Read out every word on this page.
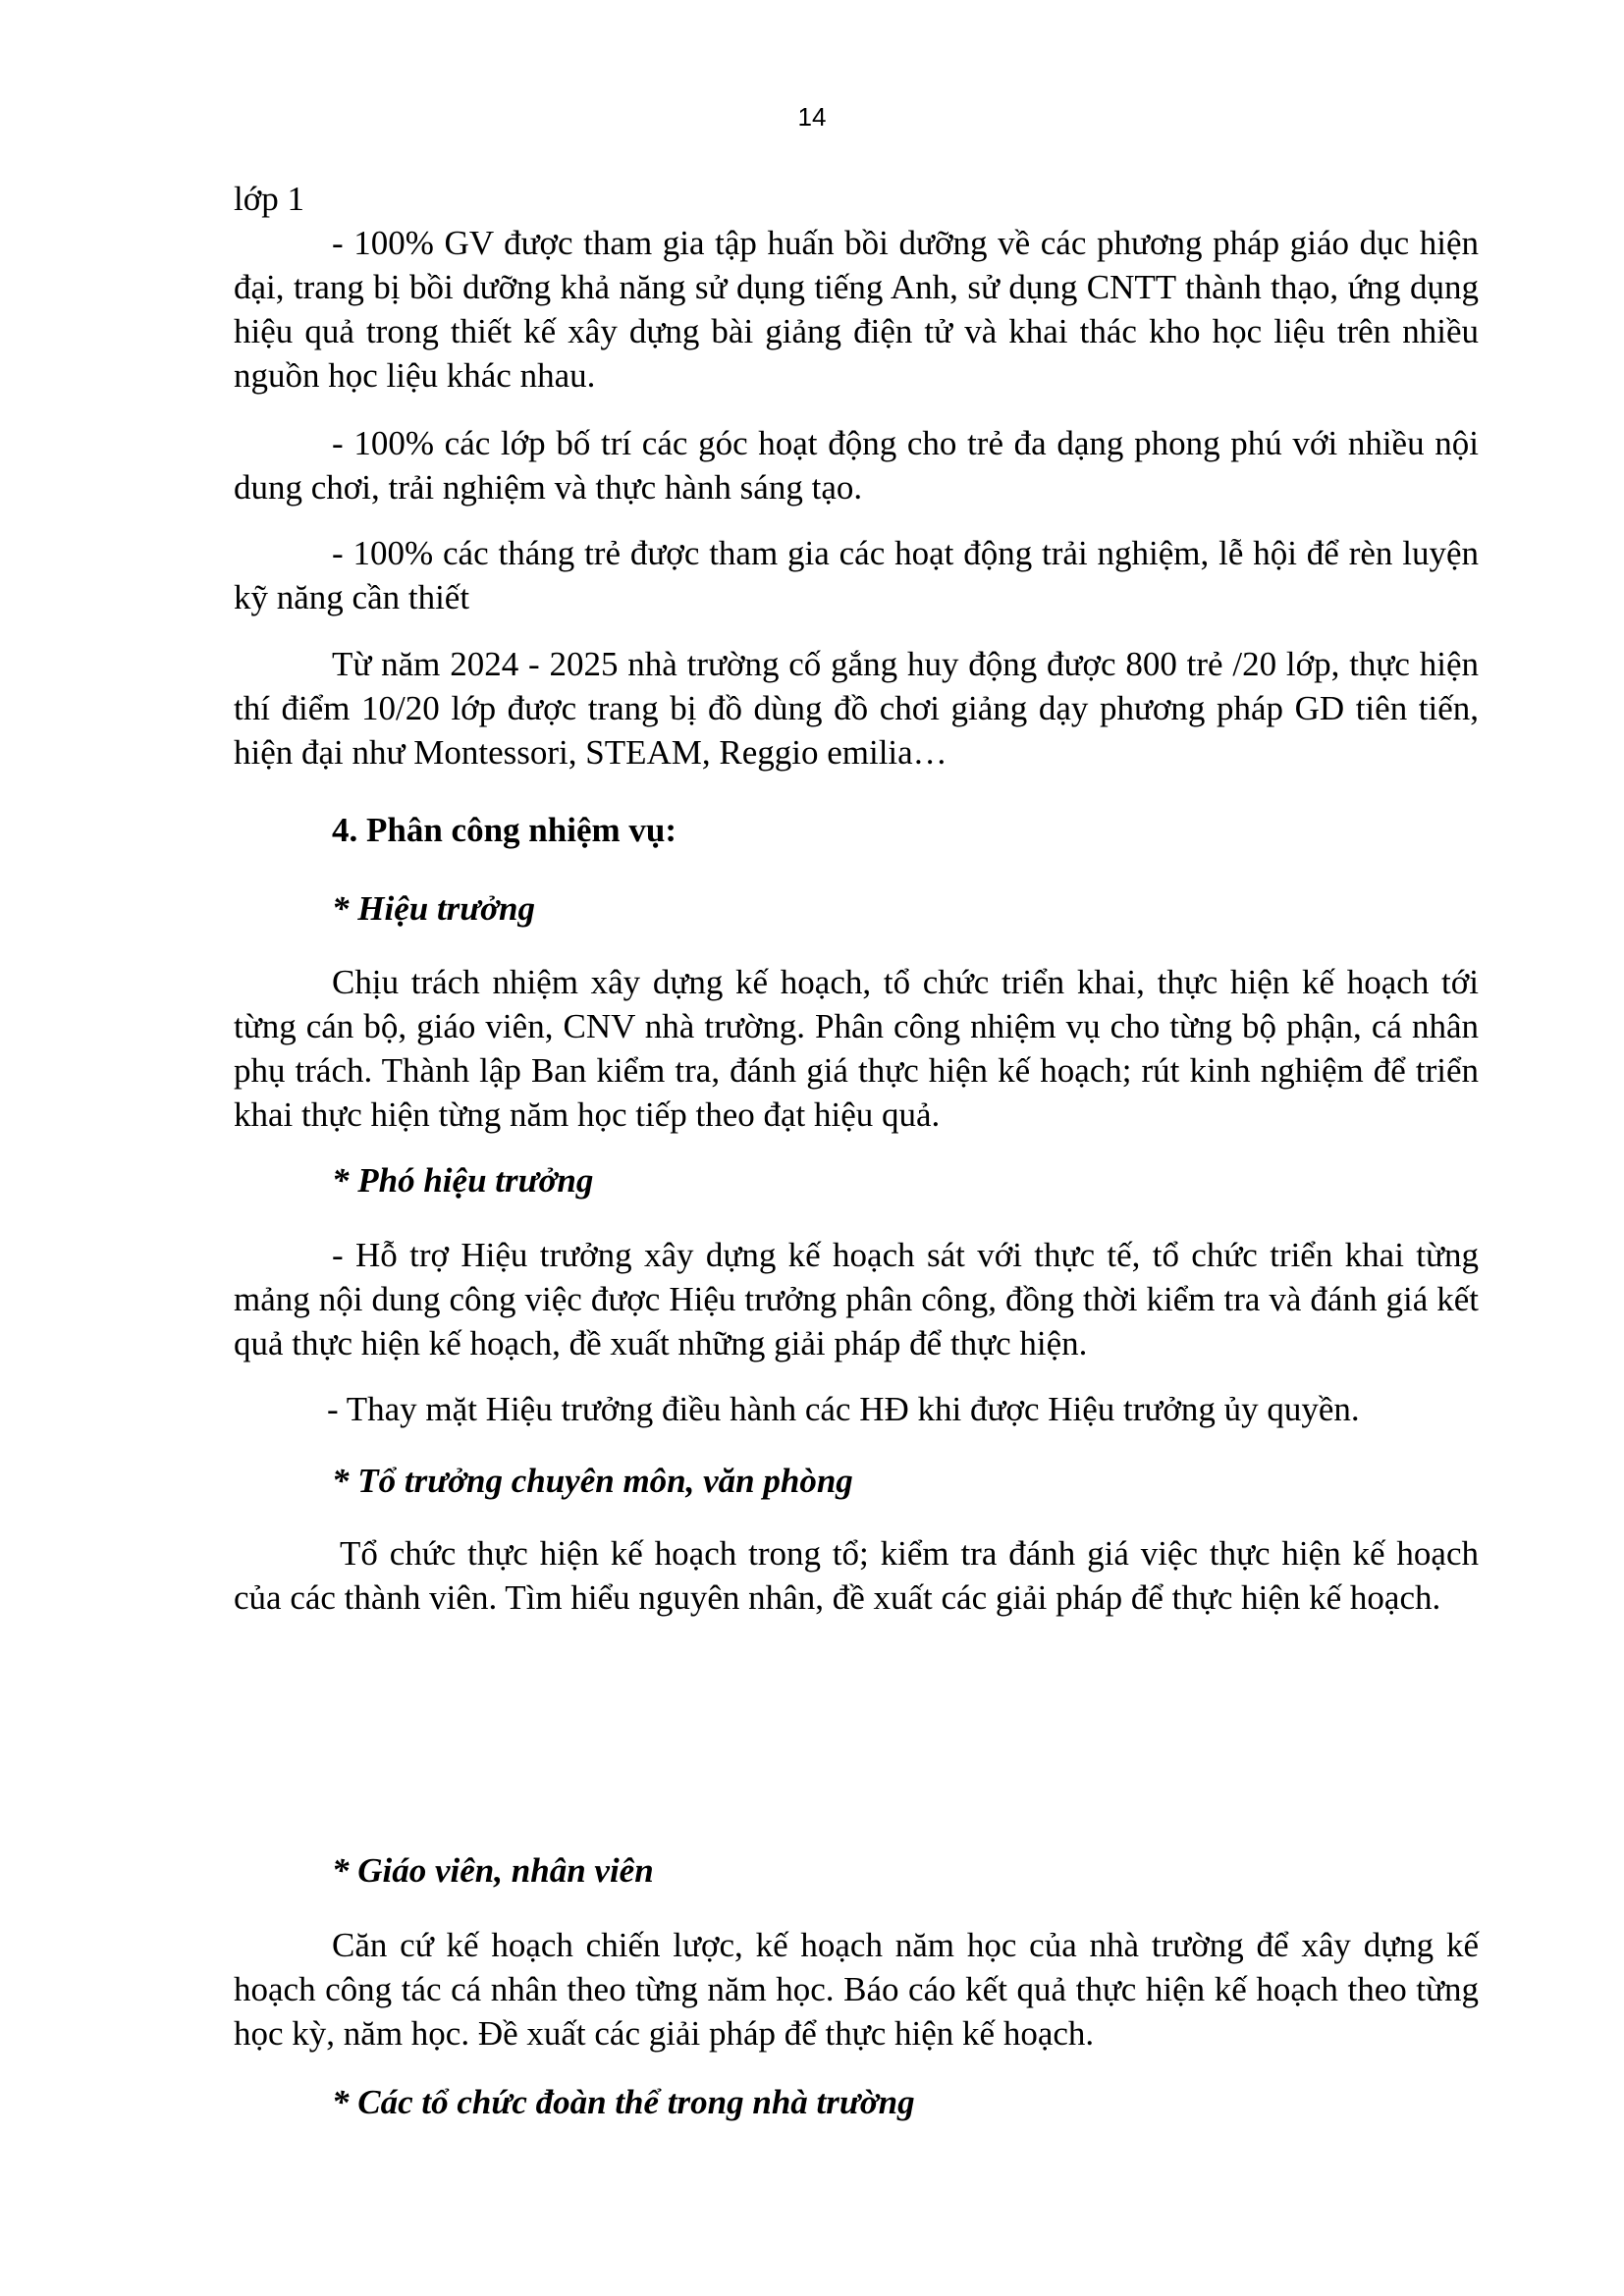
14

lớp 1

- 100% GV được tham gia tập huấn bồi dưỡng về các phương pháp giáo dục hiện đại, trang bị bồi dưỡng khả năng sử dụng tiếng Anh, sử dụng CNTT thành thạo, ứng dụng hiệu quả trong thiết kế xây dựng bài giảng điện tử và khai thác kho học liệu trên nhiều nguồn học liệu khác nhau.

- 100% các lớp bố trí các góc hoạt động cho trẻ đa dạng phong phú với nhiều nội dung chơi, trải nghiệm và thực hành sáng tạo.

- 100% các tháng trẻ được tham gia các hoạt động trải nghiệm, lễ hội để rèn luyện kỹ năng cần thiết

Từ năm 2024 - 2025 nhà trường cố gắng huy động được 800 trẻ /20 lớp, thực hiện thí điểm 10/20 lớp được trang bị đồ dùng đồ chơi giảng dạy phương pháp GD tiên tiến, hiện đại như Montessori, STEAM, Reggio emilia…

4. Phân công nhiệm vụ:

* Hiệu trưởng

Chịu trách nhiệm xây dựng kế hoạch, tổ chức triển khai, thực hiện kế hoạch tới từng cán bộ, giáo viên, CNV nhà trường. Phân công nhiệm vụ cho từng bộ phận, cá nhân phụ trách. Thành lập Ban kiểm tra, đánh giá thực hiện kế hoạch; rút kinh nghiệm để triển khai thực hiện từng năm học tiếp theo đạt hiệu quả.

* Phó hiệu trưởng

- Hỗ trợ Hiệu trưởng xây dựng kế hoạch sát với thực tế, tổ chức triển khai từng mảng nội dung công việc được Hiệu trưởng phân công, đồng thời kiểm tra và đánh giá kết quả thực hiện kế hoạch, đề xuất những giải pháp để thực hiện.

- Thay mặt Hiệu trưởng điều hành các HĐ khi được Hiệu trưởng ủy quyền.

* Tổ trưởng chuyên môn, văn phòng

Tổ chức thực hiện kế hoạch trong tổ; kiểm tra đánh giá việc thực hiện kế hoạch của các thành viên. Tìm hiểu nguyên nhân, đề xuất các giải pháp để thực hiện kế hoạch.

* Giáo viên, nhân viên

Căn cứ kế hoạch chiến lược, kế hoạch năm học của nhà trường để xây dựng kế hoạch công tác cá nhân theo từng năm học. Báo cáo kết quả thực hiện kế hoạch theo từng học kỳ, năm học. Đề xuất các giải pháp để thực hiện kế hoạch.

* Các tổ chức đoàn thể trong nhà trường
